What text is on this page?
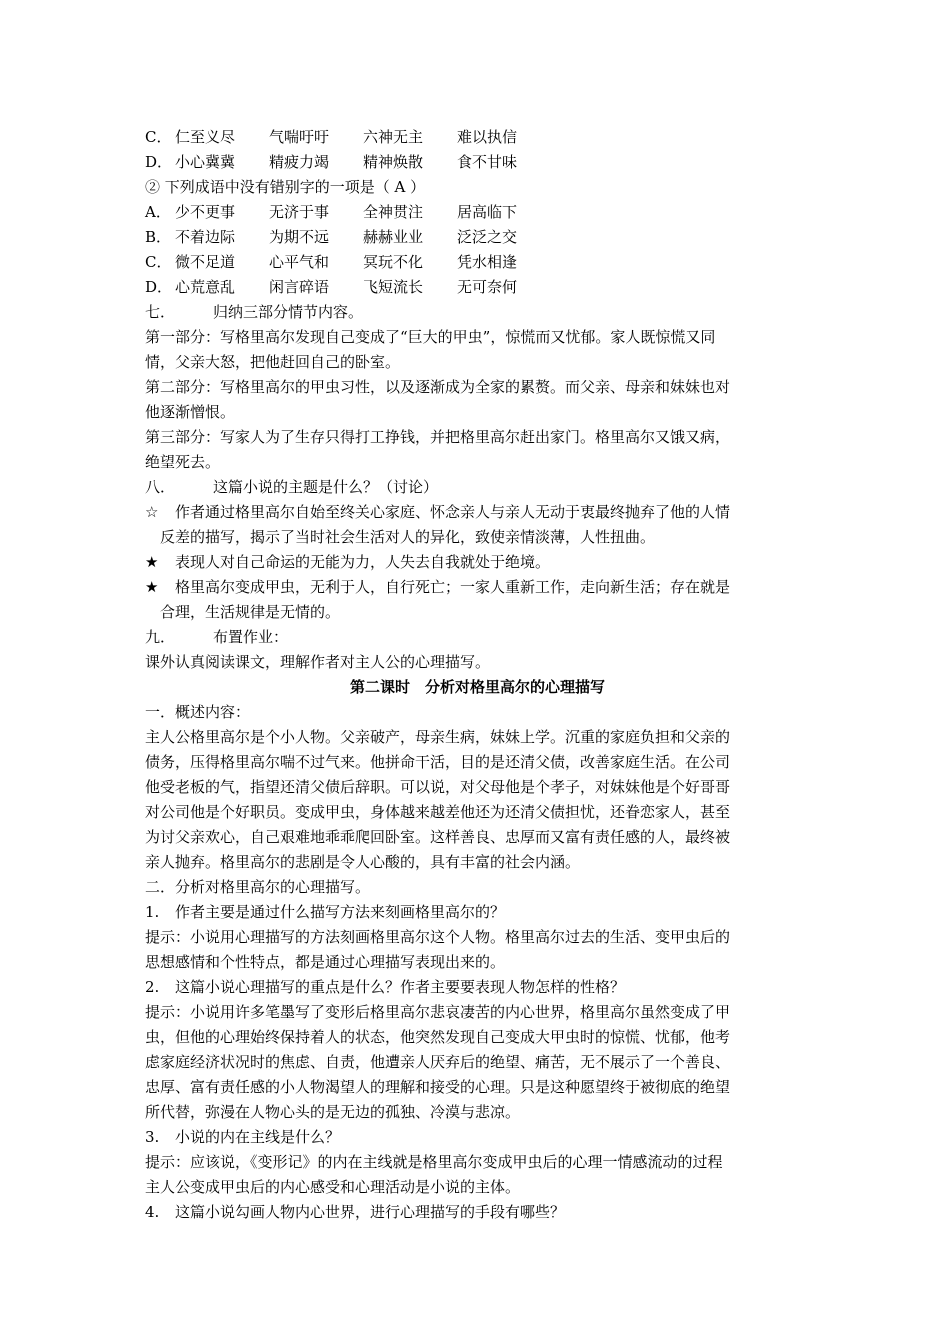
C． 仁至义尽	气喘吁吁	六神无主	难以执信
D． 小心冀冀	精疲力竭	精神焕散	食不甘味
② 下列成语中没有错别字的一项是（ A ）
A． 少不更事	无济于事	全神贯注	居高临下
B． 不着边际	为期不远	赫赫业业	泛泛之交
C． 微不足道	心平气和	冥玩不化	凭水相逢
D． 心荒意乱	闲言碎语	飞短流长	无可奈何
七．	归纳三部分情节内容。
第一部分：写格里高尔发现自己变成了“巨大的甲虫”，惊慌而又忧郁。家人既惊慌又同
情，父亲大怒，把他赶回自己的卧室。
第二部分：写格里高尔的甲虫习性，以及逐渐成为全家的累赘。而父亲、母亲和妹妹也对
他逐渐憎恨。
第三部分：写家人为了生存只得打工挣钱，并把格里高尔赶出家门。格里高尔又饿又病，
绝望死去。
八．	这篇小说的主题是什么？（讨论）
☆	作者通过格里高尔自始至终关心家庭、怀念亲人与亲人无动于衷最终抛弃了他的人情
反差的描写，揭示了当时社会生活对人的异化，致使亲情淡薄，人性扭曲。
★	表现人对自己命运的无能为力，人失去自我就处于绝境。
★	格里高尔变成甲虫，无利于人，自行死亡；一家人重新工作，走向新生活；存在就是
合理，生活规律是无情的。
九．	布置作业：
课外认真阅读课文，理解作者对主人公的心理描写。
第二课时　分析对格里高尔的心理描写
一．概述内容：
主人公格里高尔是个小人物。父亲破产，母亲生病，妹妹上学。沉重的家庭负担和父亲的
债务，压得格里高尔喘不过气来。他拼命干活，目的是还清父债，改善家庭生活。在公司
他受老板的气，指望还清父债后辞职。可以说，对父母他是个孝子，对妹妹他是个好哥哥
对公司他是个好职员。变成甲虫，身体越来越差他还为还清父债担忧，还眷恋家人，甚至
为讨父亲欢心，自己艰难地乖乖爬回卧室。这样善良、忠厚而又富有责任感的人，最终被
亲人抛弃。格里高尔的悲剧是令人心酸的，具有丰富的社会内涵。
二．分析对格里高尔的心理描写。
1.	作者主要是通过什么描写方法来刻画格里高尔的？
提示：小说用心理描写的方法刻画格里高尔这个人物。格里高尔过去的生活、变甲虫后的
思想感情和个性特点，都是通过心理描写表现出来的。
2.	这篇小说心理描写的重点是什么？作者主要要表现人物怎样的性格？
提示：小说用许多笔墨写了变形后格里高尔悲哀凄苦的内心世界，格里高尔虽然变成了甲
虫，但他的心理始终保持着人的状态，他突然发现自己变成大甲虫时的惊慌、忧郁，他考
虑家庭经济状况时的焦虑、自责，他遭亲人厌弃后的绝望、痛苦，无不展示了一个善良、
忠厚、富有责任感的小人物渴望人的理解和接受的心理。只是这种愿望终于被彻底的绝望
所代替，弥漫在人物心头的是无边的孤独、冷漠与悲凉。
3.	小说的内在主线是什么？
提示：应该说，《变形记》的内在主线就是格里高尔变成甲虫后的心理一情感流动的过程
主人公变成甲虫后的内心感受和心理活动是小说的主体。
4.	这篇小说勾画人物内心世界，进行心理描写的手段有哪些？
